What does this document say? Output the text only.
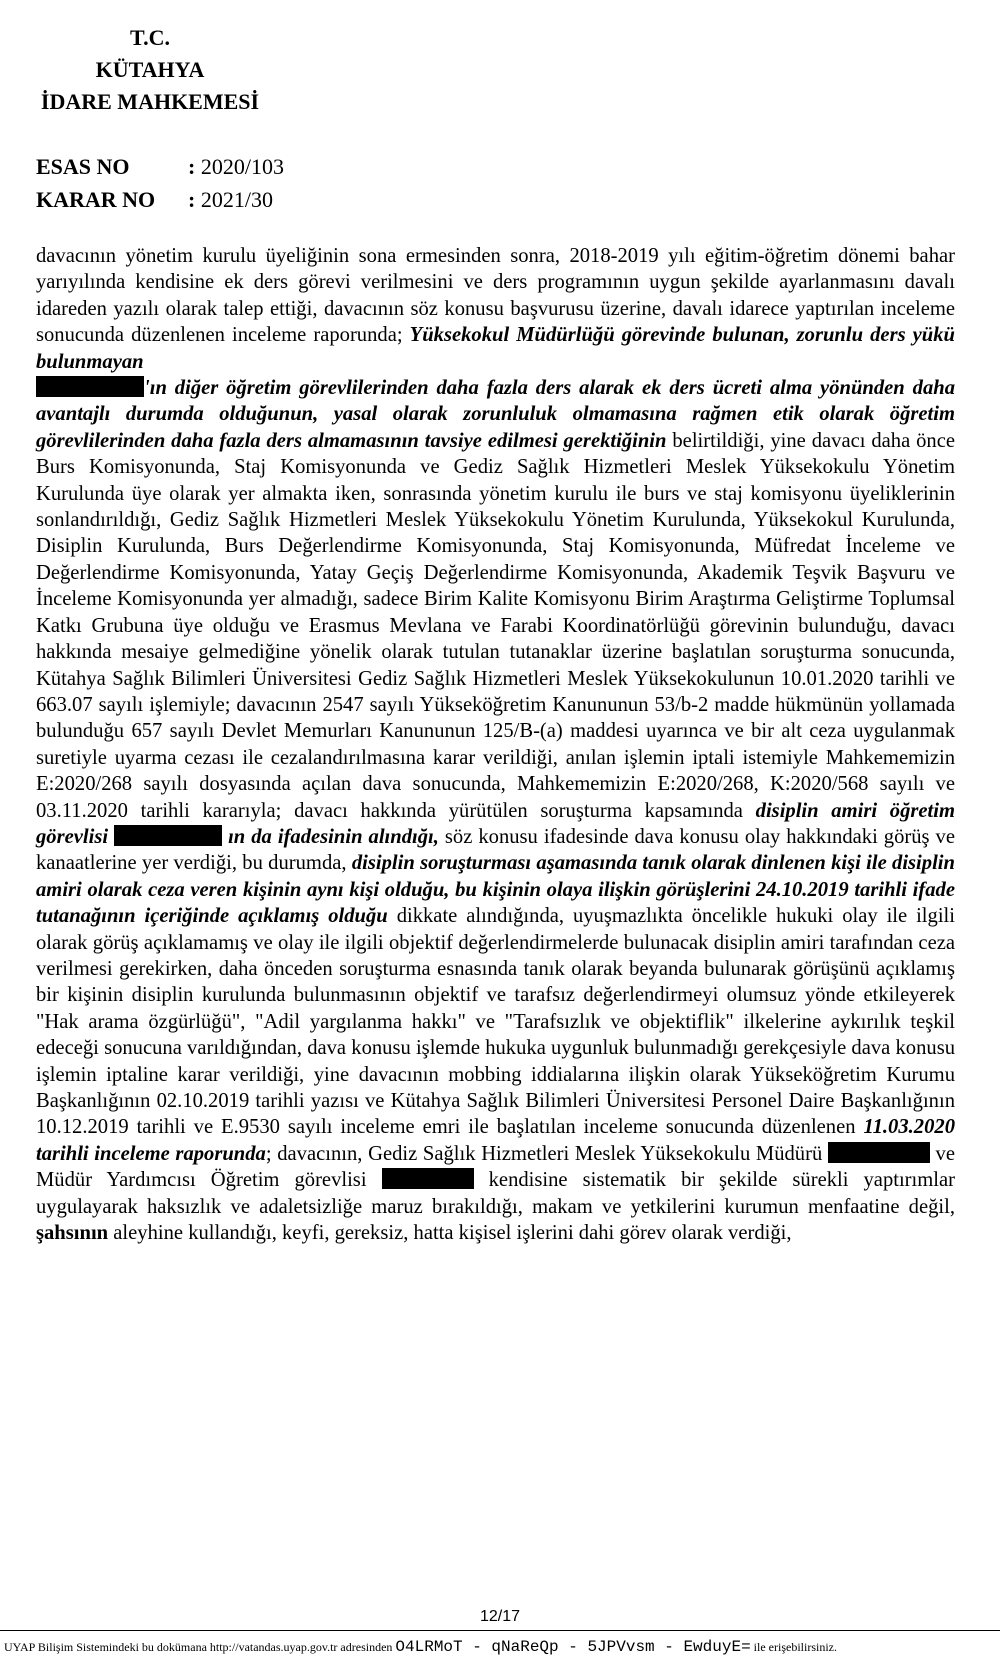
T.C.
KÜTAHYA
İDARE MAHKEMESİ
ESAS NO	: 2020/103
KARAR NO	: 2021/30

davacının yönetim kurulu üyeliğinin sona ermesinden sonra, 2018-2019 yılı eğitim-öğretim dönemi bahar yarıyılında kendisine ek ders görevi verilmesini ve ders programının uygun şekilde ayarlanmasını davalı idareden yazılı olarak talep ettiği, davacının söz konusu başvurusu üzerine, davalı idarece yaptırılan inceleme sonucunda düzenlenen inceleme raporunda; Yüksekokul Müdürlüğü görevinde bulunan, zorunlu ders yükü bulunmayan
'ın diğer öğretim görevlilerinden daha fazla ders alarak ek ders ücreti alma yönünden daha avantajlı durumda olduğunun, yasal olarak zorunluluk olmamasına rağmen etik olarak öğretim görevlilerinden daha fazla ders almamasının tavsiye edilmesi gerektiğinin belirtildiği, yine davacı daha önce Burs Komisyonunda, Staj Komisyonunda ve Gediz Sağlık Hizmetleri Meslek Yüksekokulu Yönetim Kurulunda üye olarak yer almakta iken, sonrasında yönetim kurulu ile burs ve staj komisyonu üyeliklerinin sonlandırıldığı, Gediz Sağlık Hizmetleri Meslek Yüksekokulu Yönetim Kurulunda, Yüksekokul Kurulunda, Disiplin Kurulunda, Burs Değerlendirme Komisyonunda, Staj Komisyonunda, Müfredat İnceleme ve Değerlendirme Komisyonunda, Yatay Geçiş Değerlendirme Komisyonunda, Akademik Teşvik Başvuru ve İnceleme Komisyonunda yer almadığı, sadece Birim Kalite Komisyonu Birim Araştırma Geliştirme Toplumsal Katkı Grubuna üye olduğu ve Erasmus Mevlana ve Farabi Koordinatörlüğü görevinin bulunduğu, davacı hakkında mesaiye gelmediğine yönelik olarak tutulan tutanaklar üzerine başlatılan soruşturma sonucunda, Kütahya Sağlık Bilimleri Üniversitesi Gediz Sağlık Hizmetleri Meslek Yüksekokulunun 10.01.2020 tarihli ve 663.07 sayılı işlemiyle; davacının 2547 sayılı Yükseköğretim Kanununun 53/b-2 madde hükmünün yollamada bulunduğu 657 sayılı Devlet Memurları Kanununun 125/B-(a) maddesi uyarınca ve bir alt ceza uygulanmak suretiyle uyarma cezası ile cezalandırılmasına karar verildiği, anılan işlemin iptali istemiyle Mahkememizin E:2020/268 sayılı dosyasında açılan dava sonucunda, Mahkememizin E:2020/268, K:2020/568 sayılı ve 03.11.2020 tarihli kararıyla; davacı hakkında yürütülen soruşturma kapsamında disiplin amiri öğretim görevlisi	ın da ifadesinin alındığı, söz konusu ifadesinde dava konusu olay hakkındaki görüş ve kanaatlerine yer verdiği, bu durumda, disiplin soruşturması aşamasında tanık olarak dinlenen kişi ile disiplin amiri olarak ceza veren kişinin aynı kişi olduğu, bu kişinin olaya ilişkin görüşlerini 24.10.2019 tarihli ifade tutanağının içeriğinde açıklamış olduğu dikkate alındığında, uyuşmazlıkta öncelikle hukuki olay ile ilgili olarak görüş açıklamamış ve olay ile ilgili objektif değerlendirmelerde bulunacak disiplin amiri tarafından ceza verilmesi gerekirken, daha önceden soruşturma esnasında tanık olarak beyanda bulunarak görüşünü açıklamış bir kişinin disiplin kurulunda bulunmasının objektif ve tarafsız değerlendirmeyi olumsuz yönde etkileyerek "Hak arama özgürlüğü", "Adil yargılanma hakkı" ve "Tarafsızlık ve objektiflik" ilkelerine aykırılık teşkil edeceği sonucuna varıldığından, dava konusu işlemde hukuka uygunluk bulunmadığı gerekçesiyle dava konusu işlemin iptaline karar verildiği, yine davacının mobbing iddialarına ilişkin olarak Yükseköğretim Kurumu Başkanlığının 02.10.2019 tarihli yazısı ve Kütahya Sağlık Bilimleri Üniversitesi Personel Daire Başkanlığının 10.12.2019 tarihli ve E.9530 sayılı inceleme emri ile başlatılan inceleme sonucunda düzenlenen 11.03.2020 tarihli inceleme raporunda; davacının, Gediz Sağlık Hizmetleri Meslek Yüksekokulu Müdürü	ve Müdür Yardımcısı Öğretim görevlisi	kendisine sistematik bir şekilde sürekli yaptırımlar uygulayarak haksızlık ve adaletsizliğe maruz bırakıldığı, makam ve yetkilerini kurumun menfaatine değil, şahsının aleyhine kullandığı, keyfi, gereksiz, hatta kişisel işlerini dahi görev olarak verdiği,

12/17
UYAP Bilişim Sistemindeki bu dokümana http://vatandas.uyap.gov.tr adresinden O4LRMoT - qNaReQp - 5JPVvsm - EwduyE= ile erişebilirsiniz.
